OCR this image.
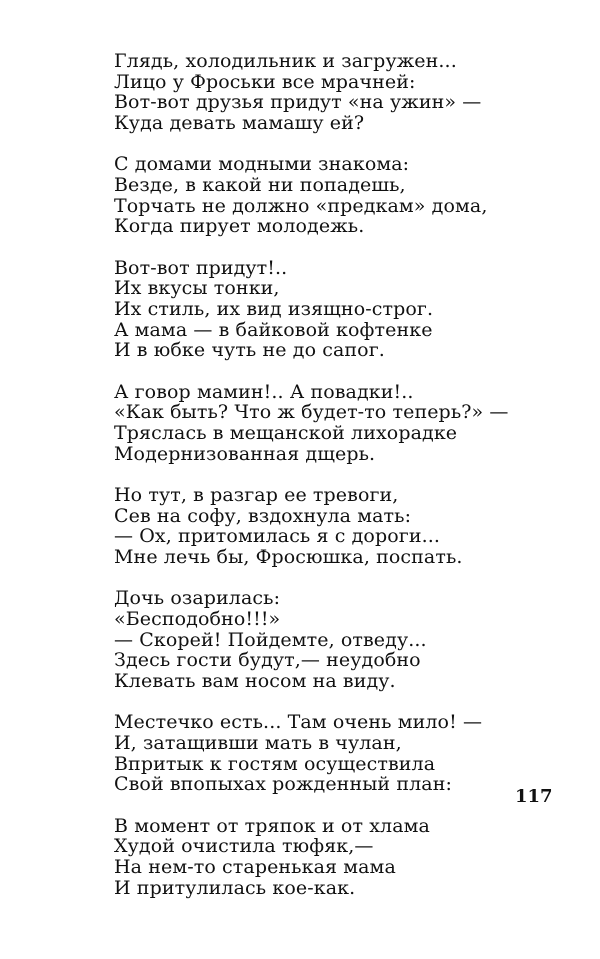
Глядь, холодильник и загружен...
Лицо у Фроськи все мрачней:
Вот-вот друзья придут «на ужин» —
Куда девать мамашу ей?
С домами модными знакома:
Везде, в какой ни попадешь,
Торчать не должно «предкам» дома,
Когда пирует молодежь.
Вот-вот придут!..
Их вкусы тонки,
Их стиль, их вид изящно-строг.
А мама — в байковой кофтенке
И в юбке чуть не до сапог.
А говор мамин!.. А повадки!..
«Как быть? Что ж будет-то теперь?» —
Тряслась в мещанской лихорадке
Модернизованная дщерь.
Но тут, в разгар ее тревоги,
Сев на софу, вздохнула мать:
— Ох, притомилась я с дороги...
Мне лечь бы, Фросюшка, поспать.
Дочь озарилась:
«Бесподобно!!!»
— Скорей! Пойдемте, отведу...
Здесь гости будут,— неудобно
Клевать вам носом на виду.
Местечко есть... Там очень мило! —
И, затащивши мать в чулан,
Впритык к гостям осуществила
Свой впопыхах рожденный план:
В момент от тряпок и от хлама
Худой очистила тюфяк,—
На нем-то старенькая мама
И притулилась кое-как.
117
